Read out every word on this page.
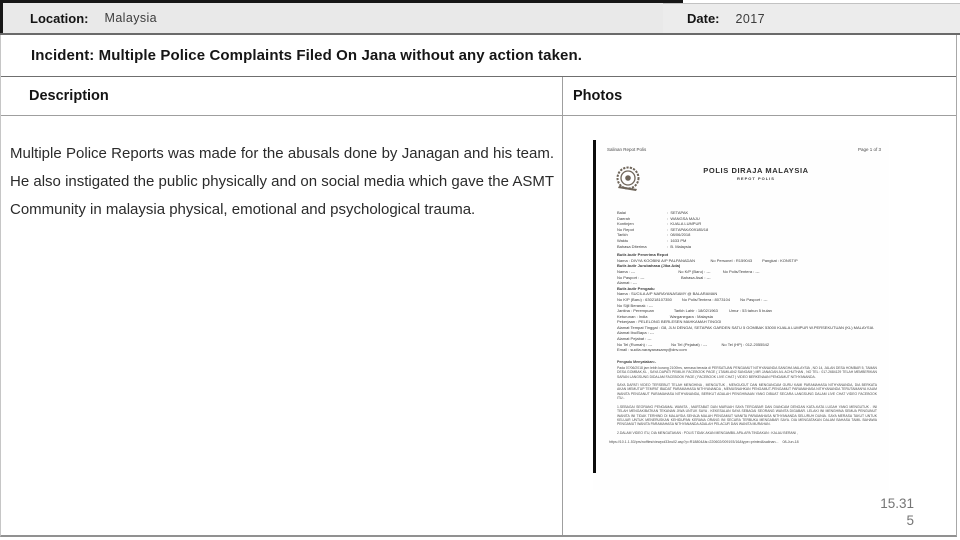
Location: Malaysia	Date: 2017
Incident: Multiple Police Complaints Filed On Jana without any action taken.
Description	Photos
Multiple Police Reports was made for the abusals done by Janagan and his team. He also instigated the public physically and on social media which gave the ASMT Community in malaysia physical, emotional and psychological trauma.
Salinan Repot Polis	Page 1 of 3
POLIS DIRAJA MALAYSIA
REPOT POLIS
Balai	:  SETAPAK
Daerah	:  WANGSA MAJU
Kontinjen	:  KUALA LUMPUR
No Repot	:  SETAPAK/009185/18
Tarikh	:  08/06/2018
Waktu	:  1633 PM
Bahasa Diterima	:  B. Malaysia
Butir-butir Penerima Repot
Nama : DIVYA KOOBINI A/P PALPANADAN              No Personel : R159043         Pangkat : KONST/P
Butir-butir Jurubahasa (Jika Ada)
Nama : ---                                       No K/P (Baru) : ---           No Polis/Tentera : ---
No Pasport : ---                                 Bahasa Asal : ---
Alamat : ---
Butir-butir Pengadu
Nama : SUCILA A/P NARAYANASAMY @ BALARAMAN
No K/P (Baru) : 630218107350         No Polis/Tentera : 8073104         No Pasport : ---
No Sijil Beranak : ---
Jantina : Perempuan                  Tarikh Lahir : 18/02/1963          Umur : 53 tahun 5 bulan
Keturunan : India                    Warganegara : Malaysia
Pekerjaan : PELELONG BERLESEN MAHKAMAH TINGGI
Alamat Tempat Tinggal : G8, JLN DENGAI, SETAPAK GARDEN SATU 5 GOMBAK 53000 KUALA LUMPUR W.PERSEKUTUAN (KL) MALAYSIA
Alamat Ibu/Bapa : ---
Alamat Pejabat : ---
No Tel (Rumah) : ---                 No Tel (Pejabat) : ---             No Tel (HP) : 012-2055542
Email : sucila.narayanasamy@dnv.com
Pengadu Menyatakan:-
Pada 07/06/2018 jam lebih kurang 2100hrs, semasa berada di PERSATUAN PENGAMUT NITHYANANDA SANGHA MALAYSIA , NO 14, JALAN DESA HOMBAR 5, TAMAN DESA GOMBAK,KL , SAYA DAPATI PEMILIK FACEBOOK PAGE ( 1TAMILAN2 SANGAM ) MR JANAGAN A/L ACHUTHAN , NO TEL : 017-2684129 TELAH MEMBERIKAN SARAN LANGSUNG DIDALAM FACEBOOK PAGE ( FACEBOOK LIVE CHAT ) VIDEO BERKENAAN PENGAMUT NITHYANANDA.
SAYA DAPATI VIDEO TERSEBUT TELAH MENGHINA , MENGUTUK , MENGUGUT DAN MENGANCAM GURU KAMI PARAMAHASA NITHYANANDA, DIA BERKATA AKAN MEMUTUP TEMPAT IBADAT PARAMAHASA NITHYANANDA , MEMUSNAHKAN PENGAMUT-PENGAMUT PARAMAHASA NITHYANANDA TERUTAMANYA KAUM WANITA PENGANUT PARAMAHASA NITHYANANDA, BERIKUT ADALAH PENGHINAAN YANG DIBUAT SECARA LANGSUNG DALAM LIVE CHAT VIDEO FACEBOOK ITU:-
1.SEBAGAI SEORANG PENGAMAL WANITA , MARTABAT DAN MARUAH SAYA TERCABAR DAN DIANCAM DENGAN KATA-KATA LUGAH YANG MENGUTUK . INI TELAH MENGAKIBATKAN TEKANAN JIWA UNTUK SAYA . KEKESALAN SAYA SEBAGAI SEORANG WANITA DIGABAR. LELAKI INI MENGHINA SEMUA PENGUNUT WANITA INI TIDAK TERHIND DI MALAYSIA SEHAJA MALAH PENGAMUT WANITA PARAMAHASA NITHYANANDA SELURUH DUNIA. SAYA MERASA TAKUT UNTUK KELUAR UNTUK MENERUSKAN KEHIDUPAN KERANA ORANG INI SECARA TERBUKA MENGABAR SAYA. DIA MENGATAKAN DALAM BAHASA TAMIL BAHAWA PENGAMUT WANITA PARAMAHASA NITHYANANDA ADALAH PELACUR DAN WANITA MURAHAN.
2.DALAM VIDEO ITU, DIA MENGATAKAN : POLIS TIDAK AKAN MENGAMBIL APA-APA TINDAKAN : KALAU BERANI ,
https://10.1.1.53/prs/noffles/viewpol33null2.asp?p=R18804&ls=220602/009193/16&type=printed&salinan...    08-Jun-18
15.31
5
